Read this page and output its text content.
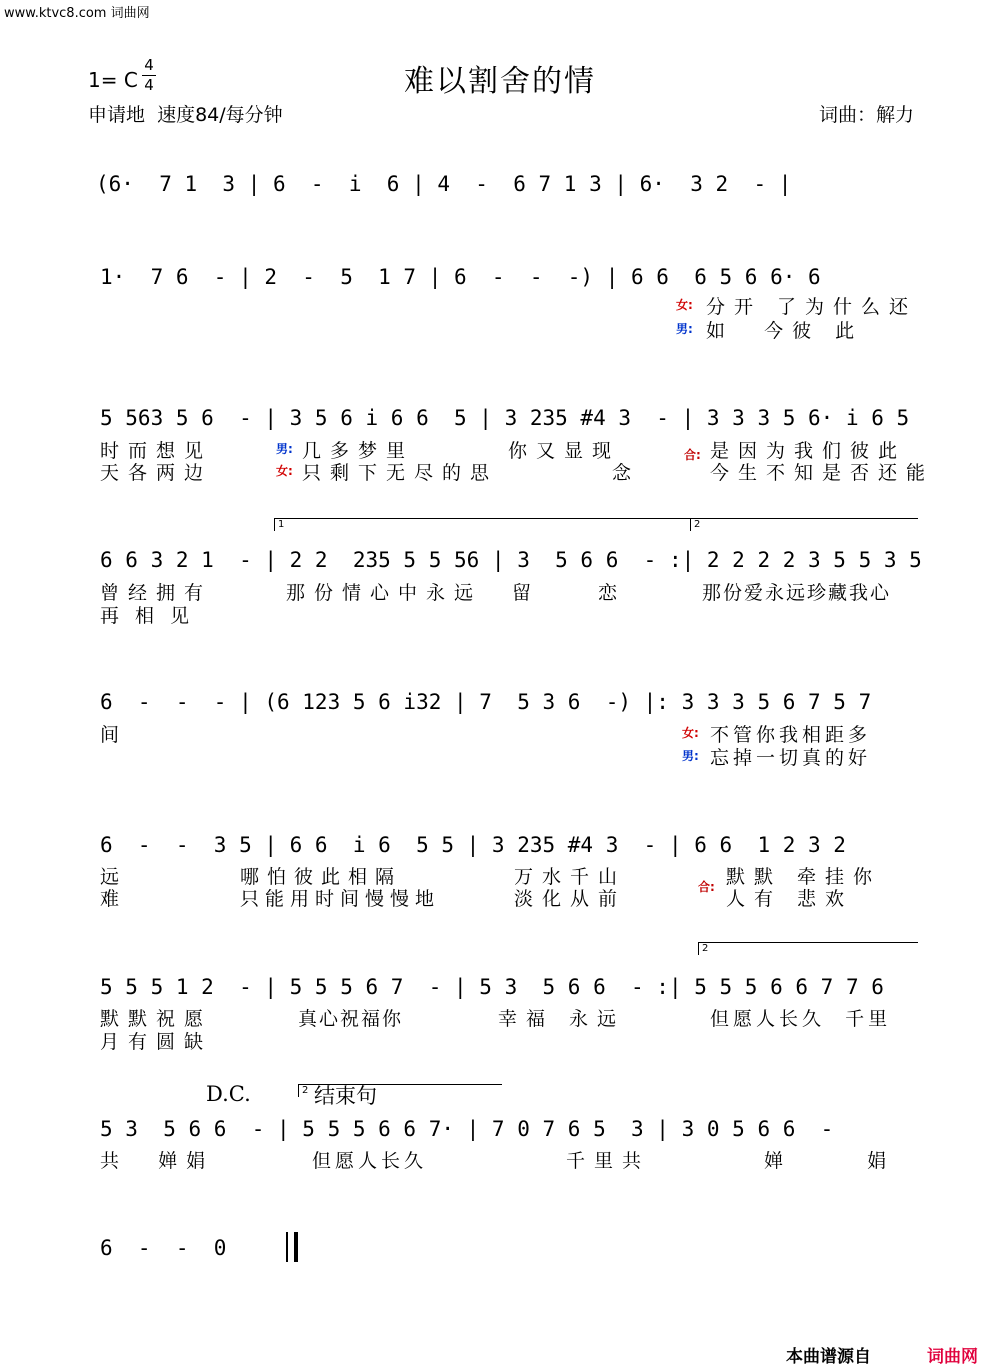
www.ktvc8.com 词曲网
难以割舍的情
1= C
4
4
申请地  速度84/每分钟	词曲：解力
(6·  7 1  3 | 6  -  i  6 | 4  -  6 7 1 3 | 6·  3 2  - |
1·  7 6  - | 2  -  5  1 7 | 6  -  -  -) | 6 6  6 5 6 6· 6
女: 分开 了为什么还
男: 如  今彼 此
5 563 5 6  - | 3 5 6 i 6 6  5 | 3 235 #4 3  - | 3 3 3 5 6· i 6 5
时而想见	男: 几多梦里	你又显现	合: 是因为我们彼此
天各两边	女: 只剩下无尽的思	念	今生不知是否还能
1	2
6 6 3 2 1  - | 2 2  235 5 5 56 | 3  5 6 6  - :| 2 2 2 2 3 5 5 3 5
曾经拥有	那份情心中永远 留	恋	那份爱永远珍藏我心
再相见
6  -  -  - | (6 123 5 6 i32 | 7  5 3 6  -) |: 3 3 3 5 6 7 5 7
间	女: 不管你我相距多
男: 忘掉一切真的好
6  -  -  3 5 | 6 6  i 6  5 5 | 3 235 #4 3  - | 6 6  1 2 3 2
远	哪怕彼此相隔	万水千山	默默 牵挂你
难	只能用时间慢慢地	淡化从前
合:
人有 悲欢
2
5 5 5 1 2  - | 5 5 5 6 7  - | 5 3  5 6 6  - :| 5 5 5 6 6 7 7 6
默默祝愿	真心祝福你	幸福 永远	但愿人长久  千里
月有圆缺
D.C.	2 结束句
5 3  5 6 6  - | 5 5 5 6 6 7· | 7 0 7 6 5  3 | 3 0 5 6 6  -
共  婵娟	但愿人长久	千里共	婵  娟
6  -  -  0
本曲谱源自	词曲网
